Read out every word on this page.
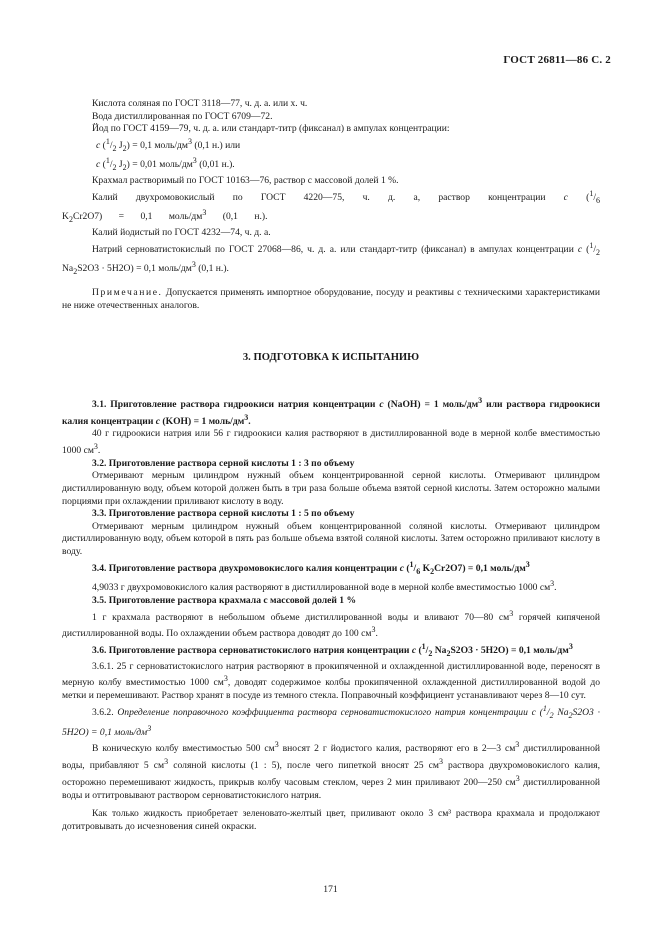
ГОСТ 26811—86 С. 2

Кислота соляная по ГОСТ 3118—77, ч. д. а. или х. ч.

Вода дистиллированная по ГОСТ 6709—72.

Йод по ГОСТ 4159—79, ч. д. а. или стандарт-титр (фиксанал) в ампулах концентрации:

c ($^1/_2$ $J_2) = 0,1$ моль/$дм^3$ (0,1 н.) или

c ($^1/_2$ $J_2) = 0,01$ моль/$дм^3$ (0,01 н.).

Крахмал растворимый по ГОСТ 10163—76, раствор с массовой долей 1 %.

Калий двухромовокислый по ГОСТ 4220—75, ч. д. а, раствор концентрации c ($^1/_6$ $K_2Cr2O7) = 0,1$ моль/$дм^3$ (0,1 н.).

Калий йодистый по ГОСТ 4232—74, ч. д. а.

Натрий серноватистокислый по ГОСТ 27068—86, ч. д. а. или стандарт-титр (фиксанал) в ампулах концентрации c ($^1/_2$ $Na_2S2O3 \cdot 5H2O) = 0,1$ моль/$дм^3$ (0,1 н.).

Примечание. Допускается применять импортное оборудование, посуду и реактивы с техническими характеристиками не ниже отечественных аналогов.

3. ПОДГОТОВКА К ИСПЫТАНИЮ

3.1. Приготовление раствора гидроокиси натрия концентрации c (NaOH) = 1 моль/$дм^3$ или раствора гидроокиси калия концентрации c (KOH) = 1 моль/$дм^3$.

40 г гидроокиси натрия или 56 г гидроокиси калия растворяют в дистиллированной воде в мерной колбе вместимостью 1000 $см^3$.

3.2. Приготовление раствора серной кислоты 1 : 3 по объему

Отмеривают мерным цилиндром нужный объем концентрированной серной кислоты. Отмеривают цилиндром дистиллированную воду, объем которой должен быть в три раза больше объема взятой серной кислоты. Затем осторожно малыми порциями при охлаждении приливают кислоту в воду.

3.3. Приготовление раствора серной кислоты 1 : 5 по объему

Отмеривают мерным цилиндром нужный объем концентрированной соляной кислоты. Отмеривают цилиндром дистиллированную воду, объем которой в пять раз больше объема взятой соляной кислоты. Затем осторожно приливают кислоту в воду.

3.4. Приготовление раствора двухромовокислого калия концентрации c ($^1/_6$ $K_2Cr2O7) = 0,1$ моль/$дм^3$

4,9033 г двухромовокислого калия растворяют в дистиллированной воде в мерной колбе вместимостью 1000 $см^3$.

3.5. Приготовление раствора крахмала с массовой долей 1 %

1 г крахмала растворяют в небольшом объеме дистиллированной воды и вливают 70—80 $см^3$ горячей кипяченой дистиллированной воды. По охлаждении объем раствора доводят до 100 $см^3$.

3.6. Приготовление раствора серноватистокислого натрия концентрации c ($^1/_2$ $Na_2S2O3 \cdot 5H2O) = 0,1$ моль/$дм^3$

3.6.1. 25 г серноватистокислого натрия растворяют в прокипяченной и охлажденной дистиллированной воде, переносят в мерную колбу вместимостью 1000 $см^3$, доводят содержимое колбы прокипяченной охлажденной дистиллированной водой до метки и перемешивают. Раствор хранят в посуде из темного стекла. Поправочный коэффициент устанавливают через 8—10 сут.

3.6.2. Определение поправочного коэффициента раствора серноватистокислого натрия концентрации c ($^1/_2$ $Na_2S2O3 \cdot 5H2O) = 0,1$ моль/$дм^3$

В коническую колбу вместимостью 500 $см^3$ вносят 2 г йодистого калия, растворяют его в 2—3 $см^3$ дистиллированной воды, прибавляют 5 $см^3$ соляной кислоты (1 : 5), после чего пипеткой вносят 25 $см^3$ раствора двухромовокислого калия, осторожно перемешивают жидкость, прикрыв колбу часовым стеклом, через 2 мин приливают 200—250 $см^3$ дистиллированной воды и оттитровывают раствором серноватистокислого натрия.

Как только жидкость приобретает зеленовато-желтый цвет, приливают около 3 см³ раствора крахмала и продолжают дотитровывать до исчезновения синей окраски.

171
